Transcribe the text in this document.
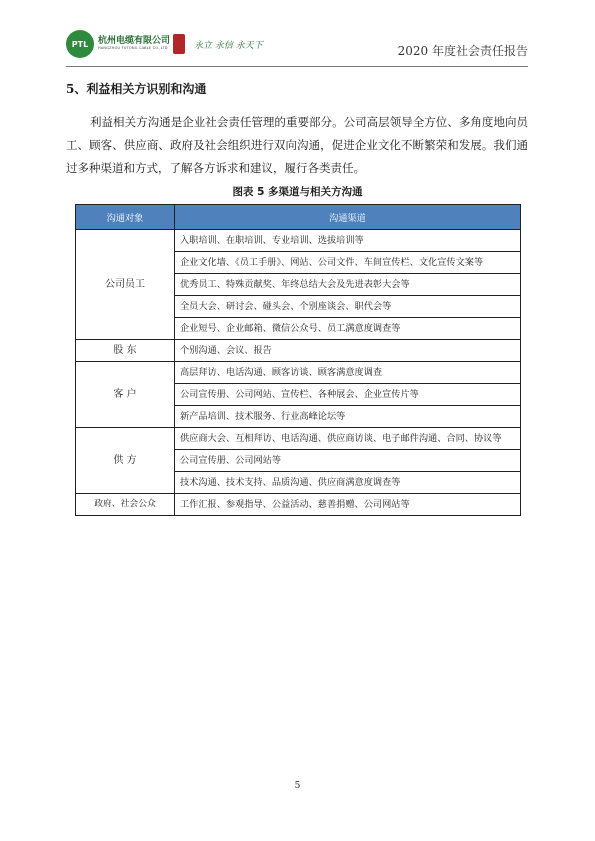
PTL	杭州电缆有限公司
HANGZHOU FUTONG CABLE CO.,LTD	永立 永信 永天下	2020 年度社会责任报告
5、利益相关方识别和沟通

利益相关方沟通是企业社会责任管理的重要部分。公司高层领导全方位、多角度地向员工、顾客、供应商、政府及社会组织进行双向沟通，促进企业文化不断繁荣和发展。我们通过多种渠道和方式，了解各方诉求和建议，履行各类责任。

图表 5 多渠道与相关方沟通
沟通对象	沟通渠道
公司员工	入职培训、在职培训、专业培训、选拔培训等
	企业文化墙、《员工手册》、网站、公司文件、车间宣传栏、文化宣传文案等
	优秀员工、特殊贡献奖、年终总结大会及先进表彰大会等
	全员大会、研讨会、碰头会、个别座谈会、职代会等
	企业短号、企业邮箱、微信公众号、员工满意度调查等
股 东	个别沟通、会议、报告
客 户	高层拜访、电话沟通、顾客访谈、顾客满意度调查
	公司宣传册、公司网站、宣传栏、各种展会、企业宣传片等
	新产品培训、技术服务、行业高峰论坛等
供 方	供应商大会、互相拜访、电话沟通、供应商访谈、电子邮件沟通、合同、协议等
	公司宣传册、公司网站等
	技术沟通、技术支持、品质沟通、供应商满意度调查等
政府、社会公众	工作汇报、参观指导、公益活动、慈善捐赠、公司网站等
5
